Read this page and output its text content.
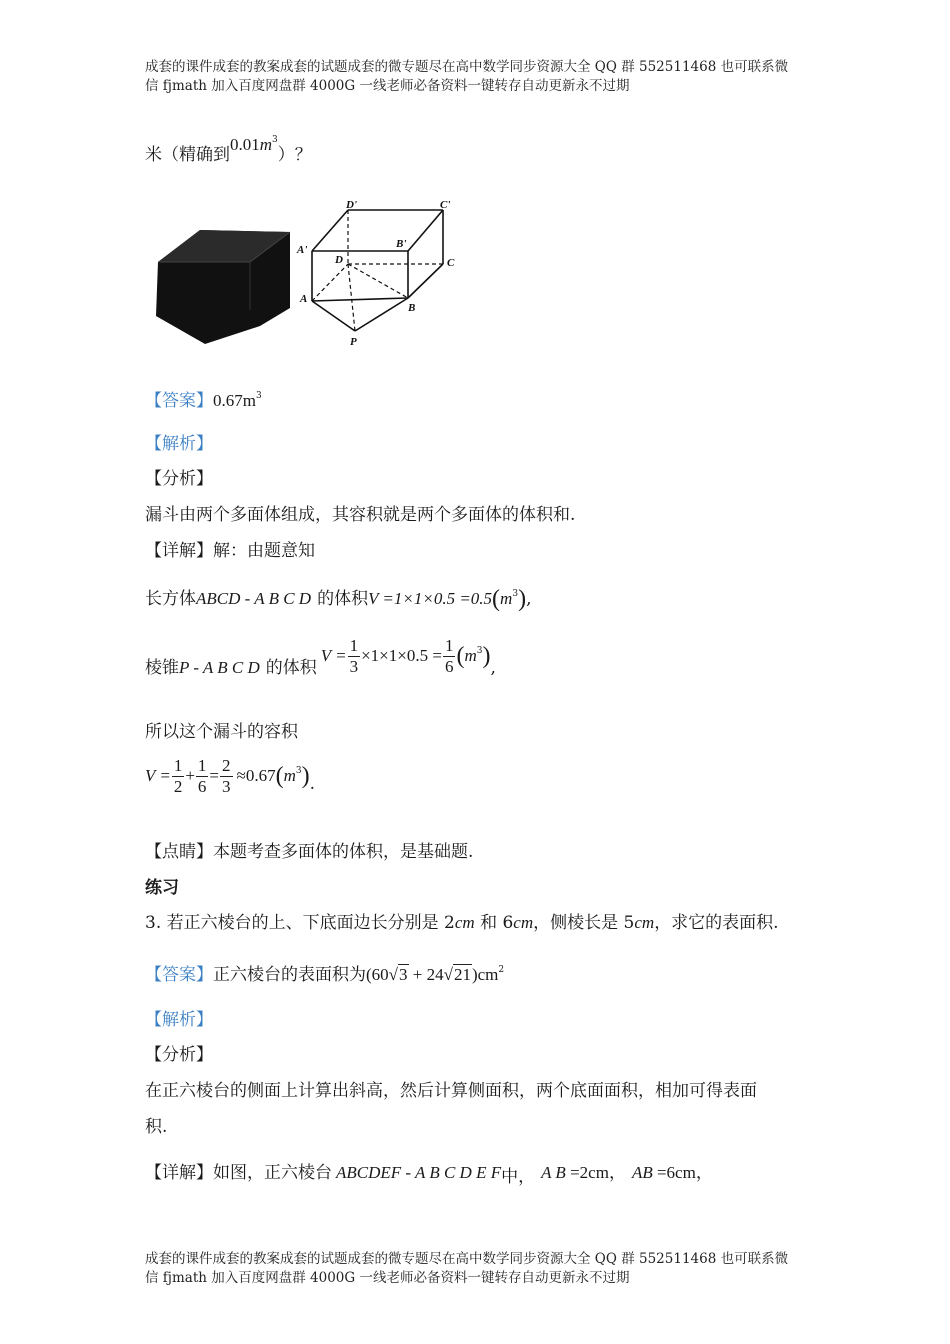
成套的课件成套的教案成套的试题成套的微专题尽在高中数学同步资源大全 QQ 群 552511468 也可联系微
信 fjmath 加入百度网盘群 4000G 一线老师必备资料一键转存自动更新永不过期
米（精确到$0.01m^3$）？
D'	C'
A'	B'
D	C
A
B
P
【答案】$0.67m^3$
【解析】
【分析】
漏斗由两个多面体组成，其容积就是两个多面体的体积和.
【详解】解：由题意知
长方体ABCD - A B C D 的体积$V =1\times 1\times 0.5 =0.5(m^3)$,
棱锥P - A B C D 的体积$V = \frac{1}{3} \times 1\times 1\times 0.5 = \frac{1}{6} (m^3)$,
所以这个漏斗的容积
$V = \frac{1}{2} + \frac{1}{6} = \frac{2}{3} \approx 0.67(m^3)$.
【点睛】本题考查多面体的体积，是基础题.
练习
3. 若正六棱台的上、下底面边长分别是 2cm 和 6cm，侧棱长是 5cm，求它的表面积.
【答案】正六棱台的表面积为$(60√3 + 24√21)cm^2$
【解析】
【分析】
在正六棱台的侧面上计算出斜高，然后计算侧面积，两个底面面积，相加可得表面
积.
【详解】如图，正六棱台 ABCDEF - A B C D E F中， A B =2cm， AB =6cm，
成套的课件成套的教案成套的试题成套的微专题尽在高中数学同步资源大全 QQ 群 552511468 也可联系微
信 fjmath 加入百度网盘群 4000G 一线老师必备资料一键转存自动更新永不过期
